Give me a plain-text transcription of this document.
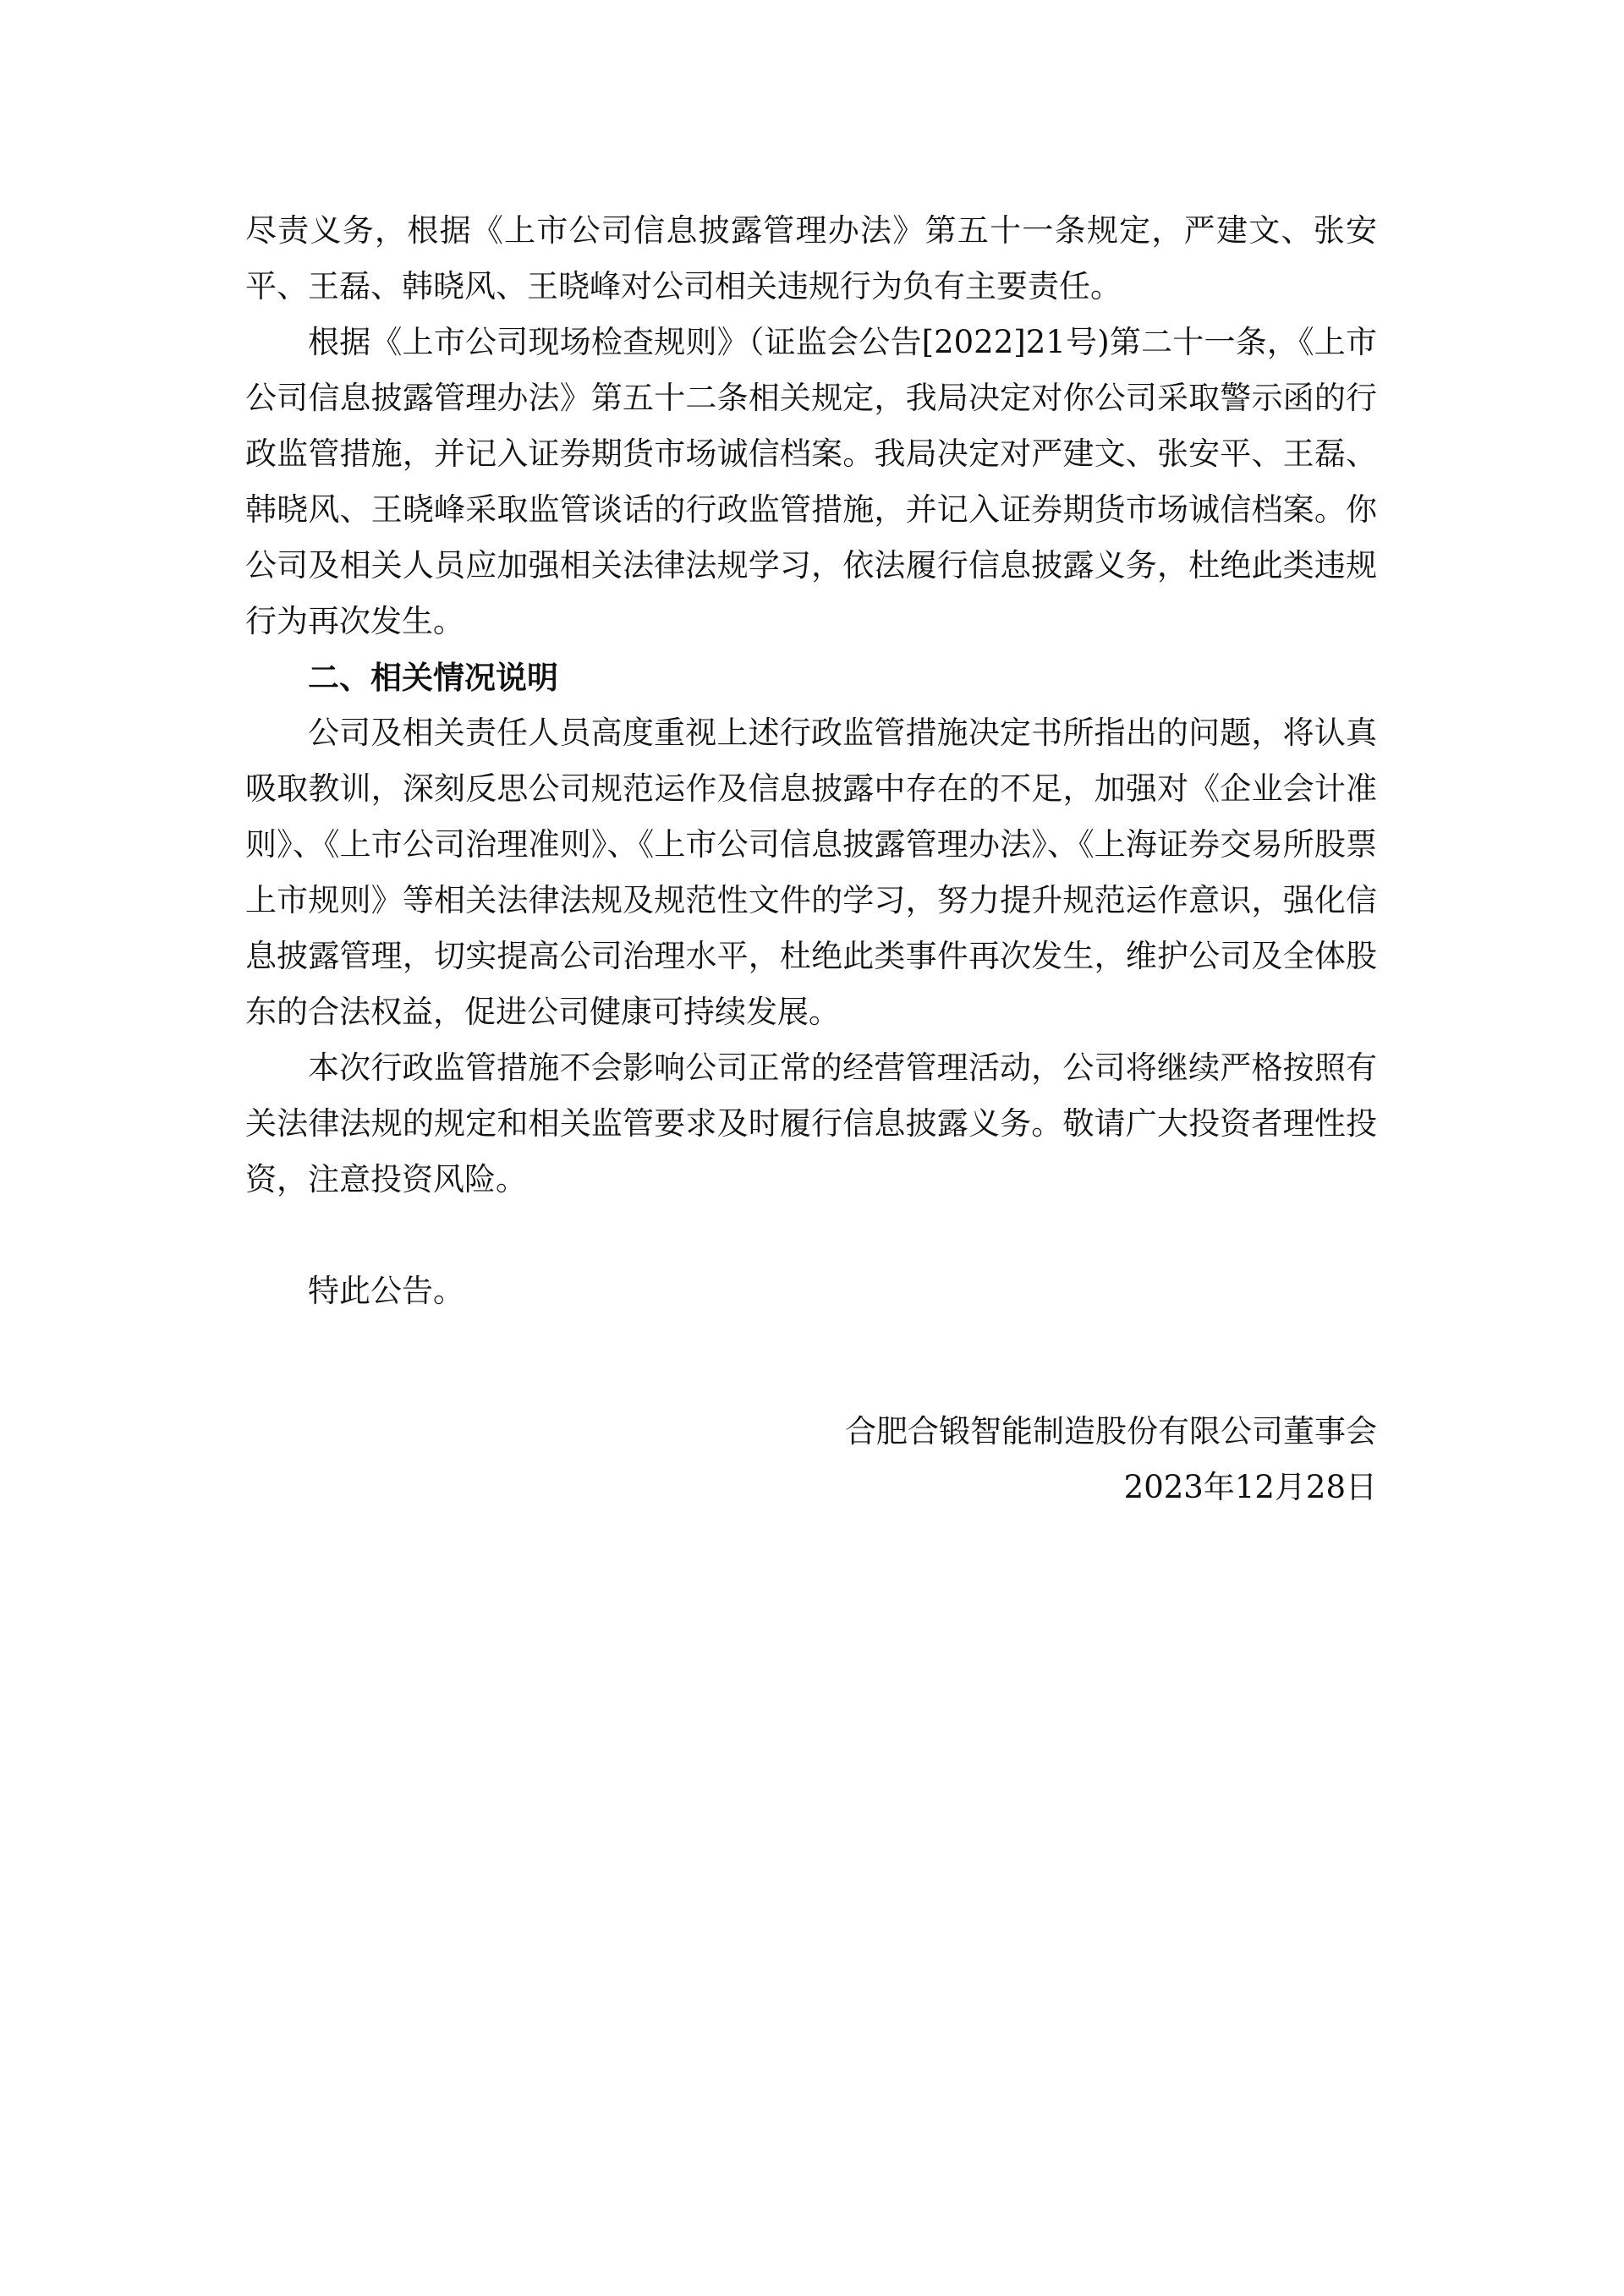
尽责义务，根据《上市公司信息披露管理办法》第五十一条规定，严建文、张安平、王磊、韩晓风、王晓峰对公司相关违规行为负有主要责任。

根据《上市公司现场检查规则》（证监会公告[2022]21号)第二十一条，《上市公司信息披露管理办法》第五十二条相关规定，我局决定对你公司采取警示函的行政监管措施，并记入证券期货市场诚信档案。我局决定对严建文、张安平、王磊、韩晓风、王晓峰采取监管谈话的行政监管措施，并记入证券期货市场诚信档案。你公司及相关人员应加强相关法律法规学习，依法履行信息披露义务，杜绝此类违规行为再次发生。

二、相关情况说明

公司及相关责任人员高度重视上述行政监管措施决定书所指出的问题，将认真吸取教训，深刻反思公司规范运作及信息披露中存在的不足，加强对《企业会计准则》、《上市公司治理准则》、《上市公司信息披露管理办法》、《上海证券交易所股票上市规则》等相关法律法规及规范性文件的学习，努力提升规范运作意识，强化信息披露管理，切实提高公司治理水平，杜绝此类事件再次发生，维护公司及全体股东的合法权益，促进公司健康可持续发展。

本次行政监管措施不会影响公司正常的经营管理活动，公司将继续严格按照有关法律法规的规定和相关监管要求及时履行信息披露义务。敬请广大投资者理性投资，注意投资风险。

特此公告。

合肥合锻智能制造股份有限公司董事会

2023年12月28日
